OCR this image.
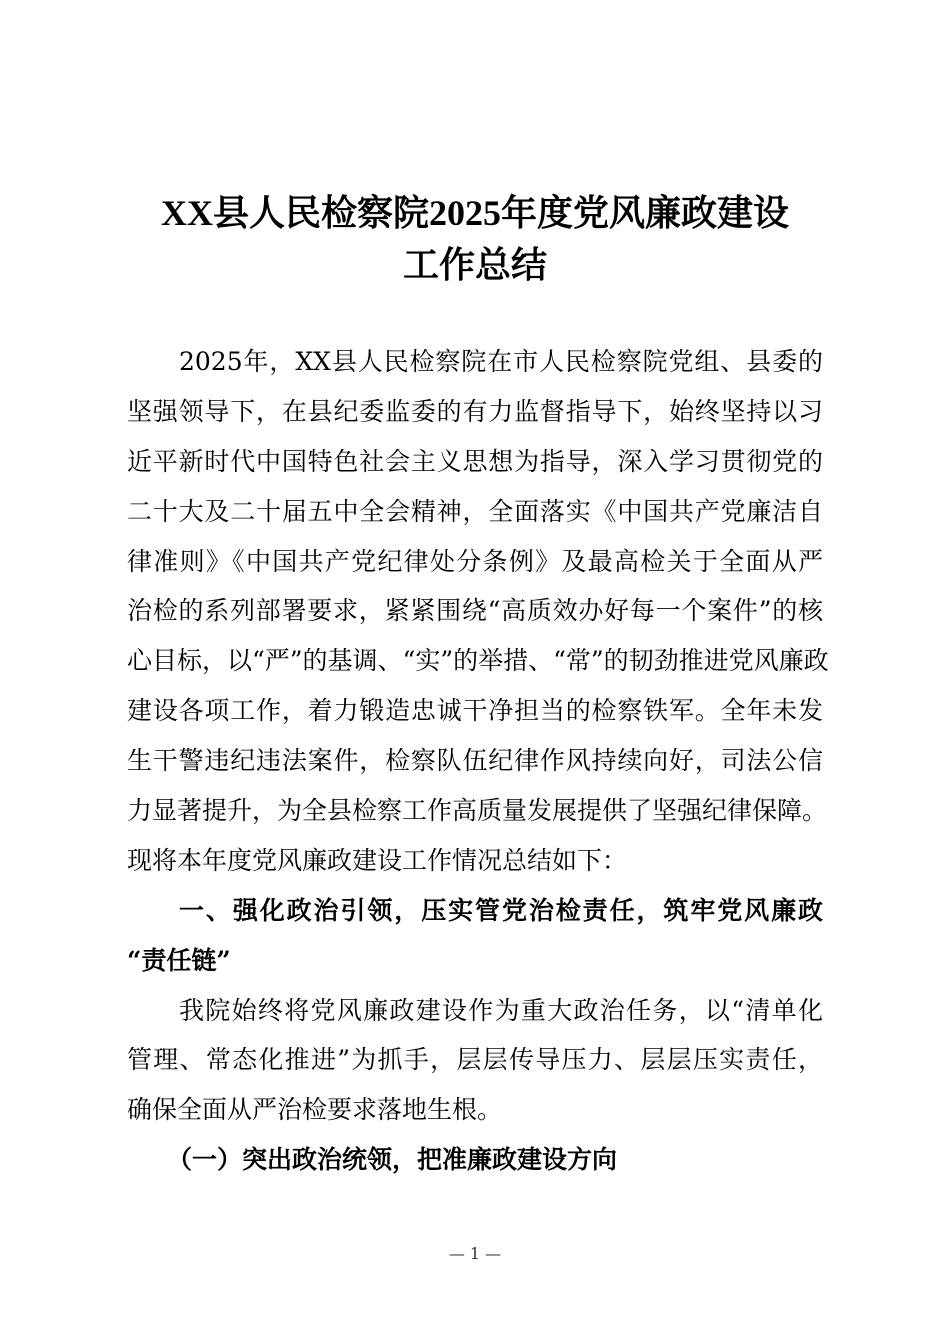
XX县人民检察院2025年度党风廉政建设
工作总结
2025年，XX县人民检察院在市人民检察院党组、县委的
坚强领导下，在县纪委监委的有力监督指导下，始终坚持以习
近平新时代中国特色社会主义思想为指导，深入学习贯彻党的
二十大及二十届五中全会精神，全面落实《中国共产党廉洁自
律准则》《中国共产党纪律处分条例》及最高检关于全面从严
治检的系列部署要求，紧紧围绕“高质效办好每一个案件”的核
心目标，以“严”的基调、“实”的举措、“常”的韧劲推进党风廉政
建设各项工作，着力锻造忠诚干净担当的检察铁军。全年未发
生干警违纪违法案件，检察队伍纪律作风持续向好，司法公信
力显著提升，为全县检察工作高质量发展提供了坚强纪律保障。
现将本年度党风廉政建设工作情况总结如下：
一、强化政治引领，压实管党治检责任，筑牢党风廉政
“责任链”
我院始终将党风廉政建设作为重大政治任务，以“清单化
管理、常态化推进”为抓手，层层传导压力、层层压实责任，
确保全面从严治检要求落地生根。
（一）突出政治统领，把准廉政建设方向
— 1 —
